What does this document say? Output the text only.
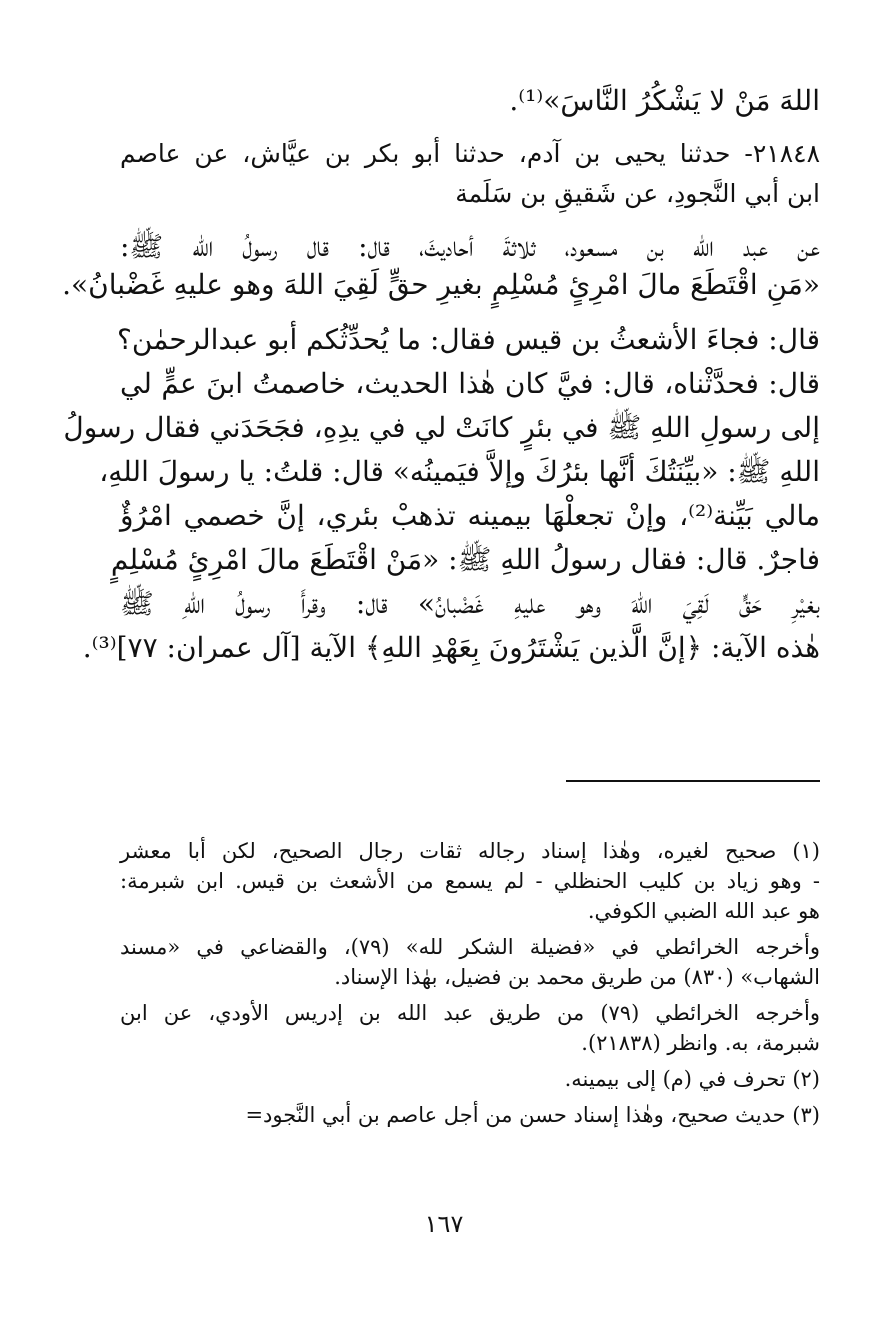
اللهَ مَنْ لا يَشْكُرُ النَّاسَ»⁽¹⁾.
٢١٨٤٨- حدثنا يحيى بن آدم، حدثنا أبو بكر بن عيَّاش، عن عاصم
ابن أبي النَّجودِ، عن شَقيقِ بن سَلَمة
عن عبد الله بن مسعود، ثلاثةَ أحاديثَ، قال: قال رسولُ الله ﷺ:
«مَنِ اقْتَطَعَ مالَ امْرِئٍ مُسْلِمٍ بغيرِ حقٍّ لَقِيَ اللهَ وهو عليهِ غَضْبانُ».
قال: فجاءَ الأشعثُ بن قيس فقال: ما يُحدِّثُكم أبو عبدالرحمٰن؟
قال: فحدَّثْناه، قال: فيَّ كان هٰذا الحديث، خاصمتُ ابنَ عمٍّ لي
إلى رسولِ اللهِ ﷺ في بئرٍ كانَتْ لي في يدِهِ، فجَحَدَني فقال رسولُ
اللهِ ﷺ: «بيِّنَتُكَ أنَّها بئرُكَ وإلاَّ فيَمينُه» قال: قلتُ: يا رسولَ اللهِ،
مالي بَيِّنة⁽²⁾، وإنْ تجعلْهَا بيمينه تذهبْ بئري، إنَّ خصمي امْرُؤٌ
فاجرٌ. قال: فقال رسولُ اللهِ ﷺ: «مَنْ اقْتَطَعَ مالَ امْرِئٍ مُسْلِمٍ
بغيْرِ حَقٍّ لَقِيَ اللهَ وهو عليهِ غَضْبانُ» قال: وقرأَ رسولُ اللهِ ﷺ
هٰذه الآية: ﴿إنَّ الَّذين يَشْتَرُونَ بِعَهْدِ اللهِ﴾ الآية [آل عمران: ٧٧]⁽³⁾.
(١) صحيح لغيره، وهٰذا إسناد رجاله ثقات رجال الصحيح، لكن أبا معشر
- وهو زياد بن كليب الحنظلي - لم يسمع من الأشعث بن قيس. ابن شبرمة:
هو عبد الله الضبي الكوفي.
وأخرجه الخرائطي في «فضيلة الشكر لله» (٧٩)، والقضاعي في «مسند
الشهاب» (٨٣٠) من طريق محمد بن فضيل، بهٰذا الإسناد.
وأخرجه الخرائطي (٧٩) من طريق عبد الله بن إدريس الأودي، عن ابن
شبرمة، به. وانظر (٢١٨٣٨).
(٢) تحرف في (م) إلى بيمينه.
(٣) حديث صحيح، وهٰذا إسناد حسن من أجل عاصم بن أبي النَّجود=
١٦٧
